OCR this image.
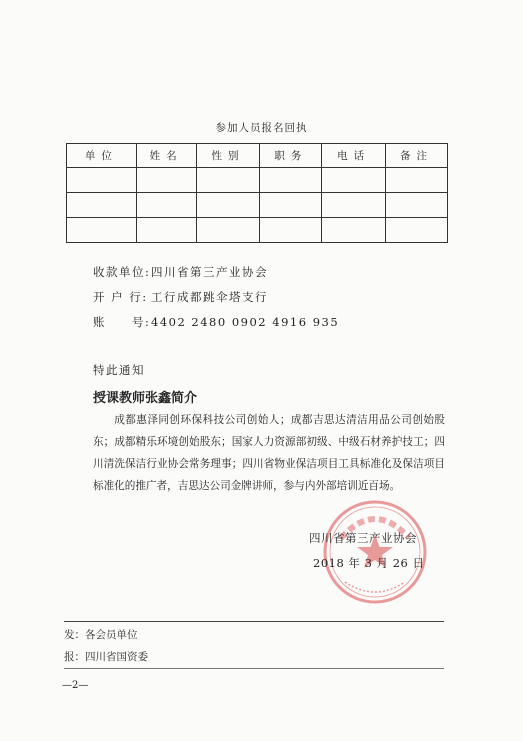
参加人员报名回执
单位	姓名	性别	职务	电话	备注

收款单位:四川省第三产业协会
开 户 行: 工行成都跳伞塔支行
账　　号:4402 2480 0902 4916 935
特此通知
授课教师张鑫简介
成都惠泽同创环保科技公司创始人；成都吉思达清洁用品公司创始股东；成都精乐环境创始股东；国家人力资源部初级、中级石材养护技工；四川清洗保洁行业协会常务理事；四川省物业保洁项目工具标准化及保洁项目标准化的推广者，吉思达公司金牌讲师，参与内外部培训近百场。
四川省第三产业协会
2018 年 3 月 26 日
发：各会员单位
报：四川省国资委
—2—
